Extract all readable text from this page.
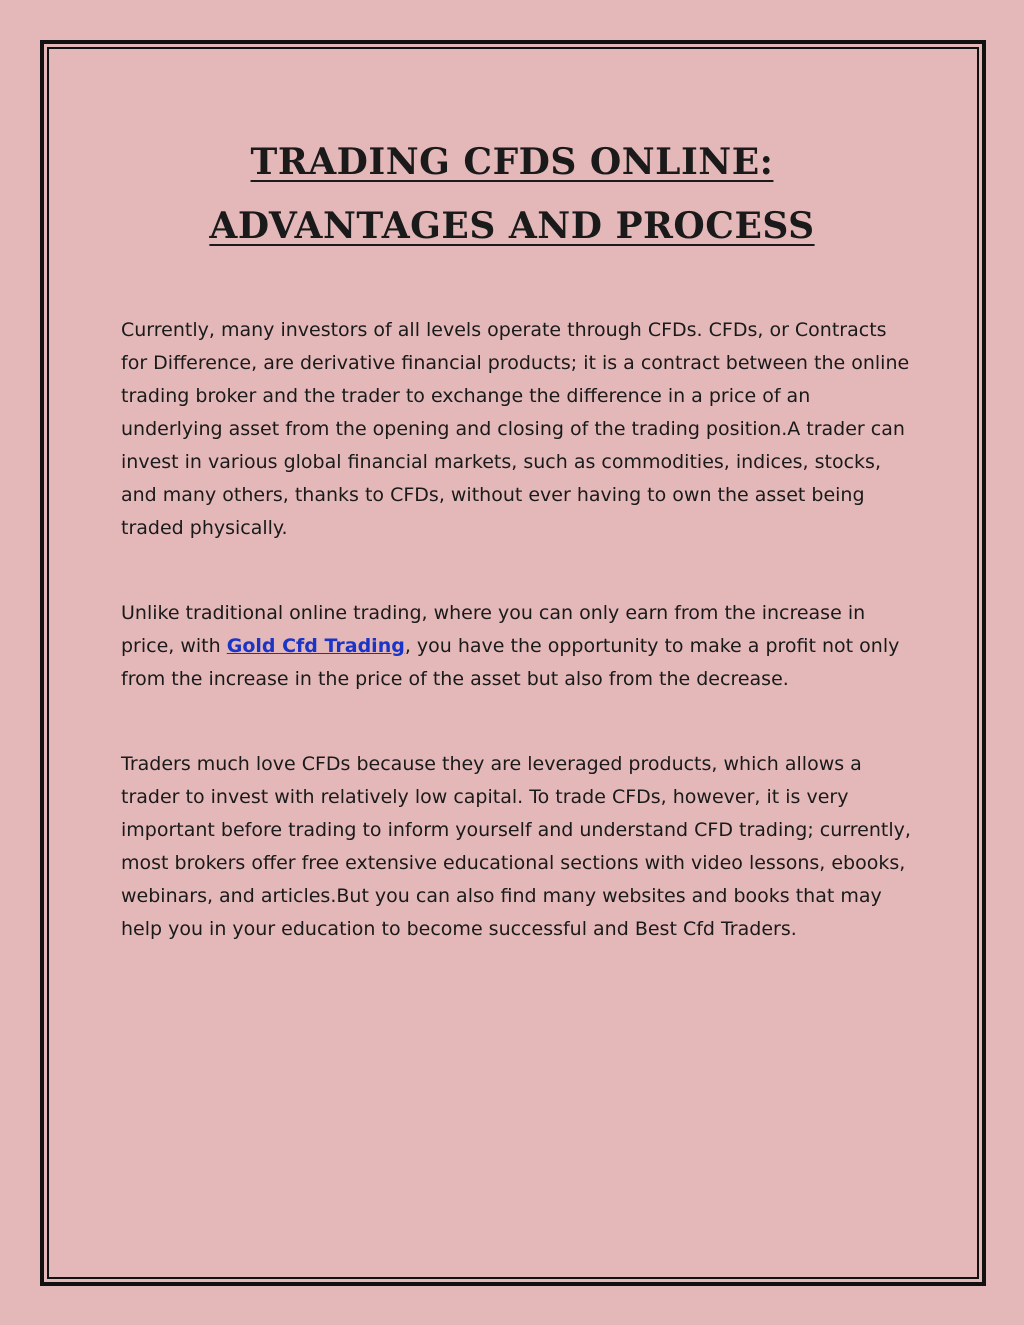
TRADING CFDS ONLINE:
ADVANTAGES AND PROCESS

Currently, many investors of all levels operate through CFDs. CFDs, or Contracts for Difference, are derivative financial products; it is a contract between the online trading broker and the trader to exchange the difference in a price of an underlying asset from the opening and closing of the trading position.A trader can invest in various global financial markets, such as commodities, indices, stocks, and many others, thanks to CFDs, without ever having to own the asset being traded physically.

Unlike traditional online trading, where you can only earn from the increase in price, with Gold Cfd Trading, you have the opportunity to make a profit not only from the increase in the price of the asset but also from the decrease.

Traders much love CFDs because they are leveraged products, which allows a trader to invest with relatively low capital. To trade CFDs, however, it is very important before trading to inform yourself and understand CFD trading; currently, most brokers offer free extensive educational sections with video lessons, ebooks, webinars, and articles.But you can also find many websites and books that may help you in your education to become successful and Best Cfd Traders.
